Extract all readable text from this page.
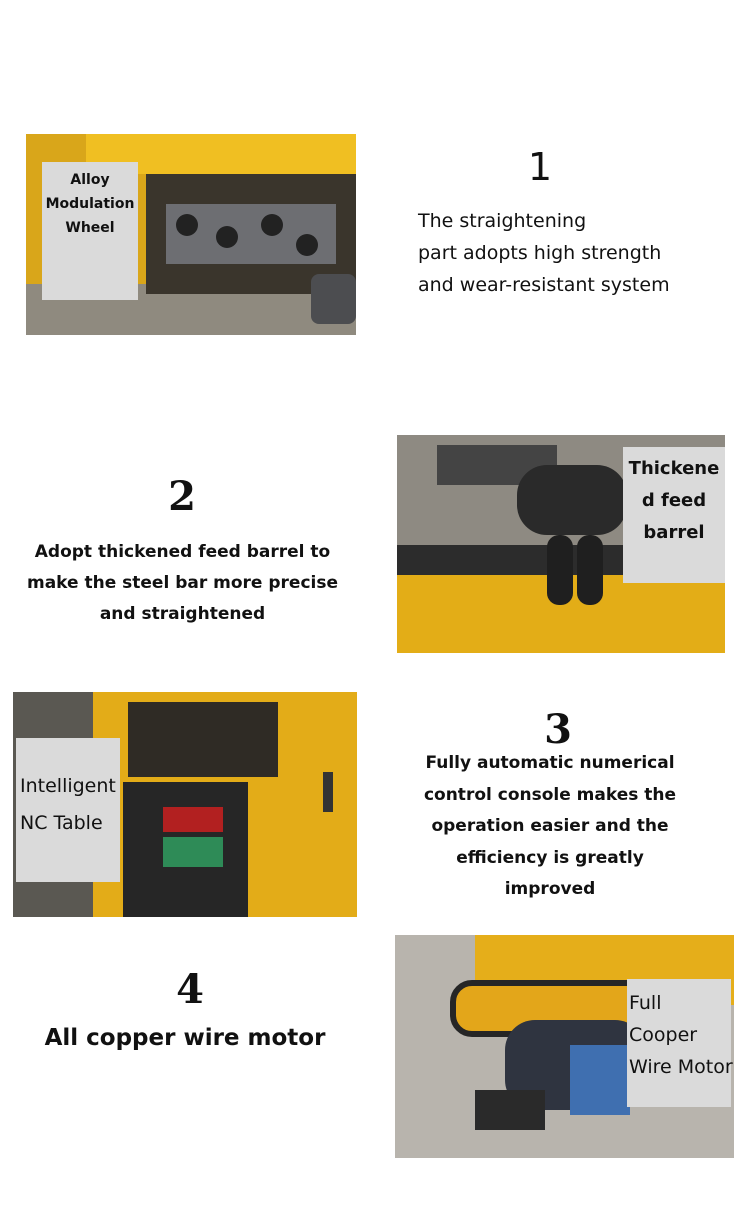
Alloy
Modulation
Wheel
1
The straightening
part adopts high strength
and wear-resistant system
2
Adopt thickened feed barrel to
make the steel bar more precise
and straightened
Thickene
d feed
barrel
Intelligent
NC Table
3
Fully automatic numerical
control console makes the
operation easier and the
efficiency is greatly
improved
4
All copper wire motor
Full
Cooper
Wire Motor
